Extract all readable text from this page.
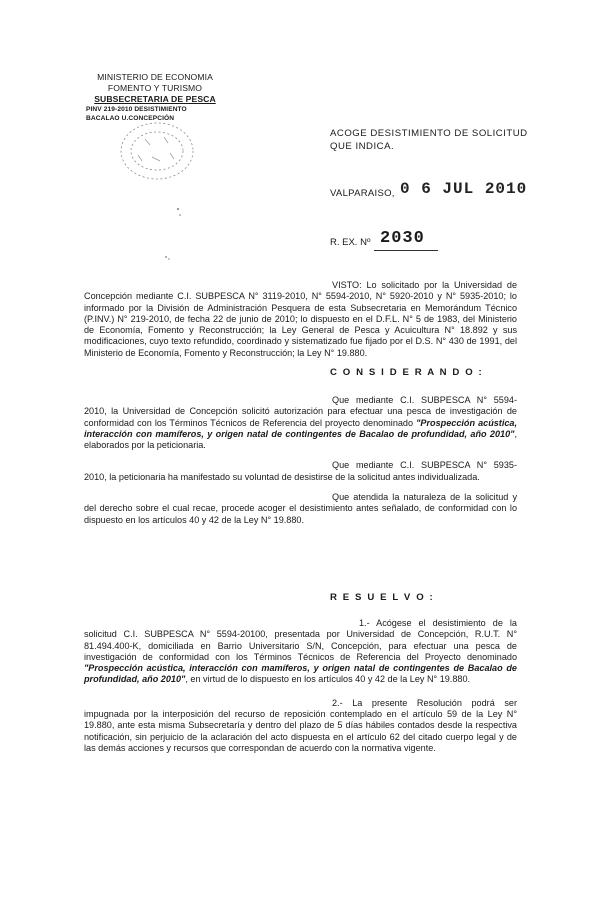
MINISTERIO DE ECONOMIA
FOMENTO Y TURISMO
SUBSECRETARIA DE PESCA
PINV 219-2010 DESISTIMIENTO
BACALAO U.CONCEPCIÓN
ACOGE DESISTIMIENTO DE SOLICITUD
QUE INDICA.
VALPARAISO, 0 6 JUL 2010
R. EX. Nº 2030

VISTO: Lo solicitado por la Universidad de Concepción mediante C.I. SUBPESCA N° 3119-2010, N° 5594-2010, N° 5920-2010 y N° 5935-2010; lo informado por la División de Administración Pesquera de esta Subsecretaria en Memorándum Técnico (P.INV.) N° 219-2010, de fecha 22 de junio de 2010; lo dispuesto en el D.F.L. N° 5 de 1983, del Ministerio de Economía, Fomento y Reconstrucción; la Ley General de Pesca y Acuicultura N° 18.892 y sus modificaciones, cuyo texto refundido, coordinado y sistematizado fue fijado por el D.S. N° 430 de 1991, del Ministerio de Economía, Fomento y Reconstrucción; la Ley N° 19.880.

C O N S I D E R A N D O :

Que mediante C.I. SUBPESCA N° 5594- 2010, la Universidad de Concepción solicitó autorización para efectuar una pesca de investigación de conformidad con los Términos Técnicos de Referencia del proyecto denominado "Prospección acústica, interacción con mamíferos, y origen natal de contingentes de Bacalao de profundidad, año 2010", elaborados por la peticionaria.

Que mediante C.I. SUBPESCA N° 5935- 2010, la peticionaria ha manifestado su voluntad de desistirse de la solicitud antes individualizada.

Que atendida la naturaleza de la solicitud y del derecho sobre el cual recae, procede acoger el desistimiento antes señalado, de conformidad con lo dispuesto en los artículos 40 y 42 de la Ley N° 19.880.

R E S U E L V O :

1.- Acógese el desistimiento de la solicitud C.I. SUBPESCA N° 5594-20100, presentada por Universidad de Concepción, R.U.T. N° 81.494.400-K, domiciliada en Barrio Universitario S/N, Concepción, para efectuar una pesca de investigación de conformidad con los Términos Técnicos de Referencia del Proyecto denominado "Prospección acústica, interacción con mamíferos, y origen natal de contingentes de Bacalao de profundidad, año 2010", en virtud de lo dispuesto en los artículos 40 y 42 de la Ley N° 19.880.

2.- La presente Resolución podrá ser impugnada por la interposición del recurso de reposición contemplado en el artículo 59 de la Ley N° 19.880, ante esta misma Subsecretaría y dentro del plazo de 5 días hábiles contados desde la respectiva notificación, sin perjuicio de la aclaración del acto dispuesta en el artículo 62 del citado cuerpo legal y de las demás acciones y recursos que correspondan de acuerdo con la normativa vigente.
